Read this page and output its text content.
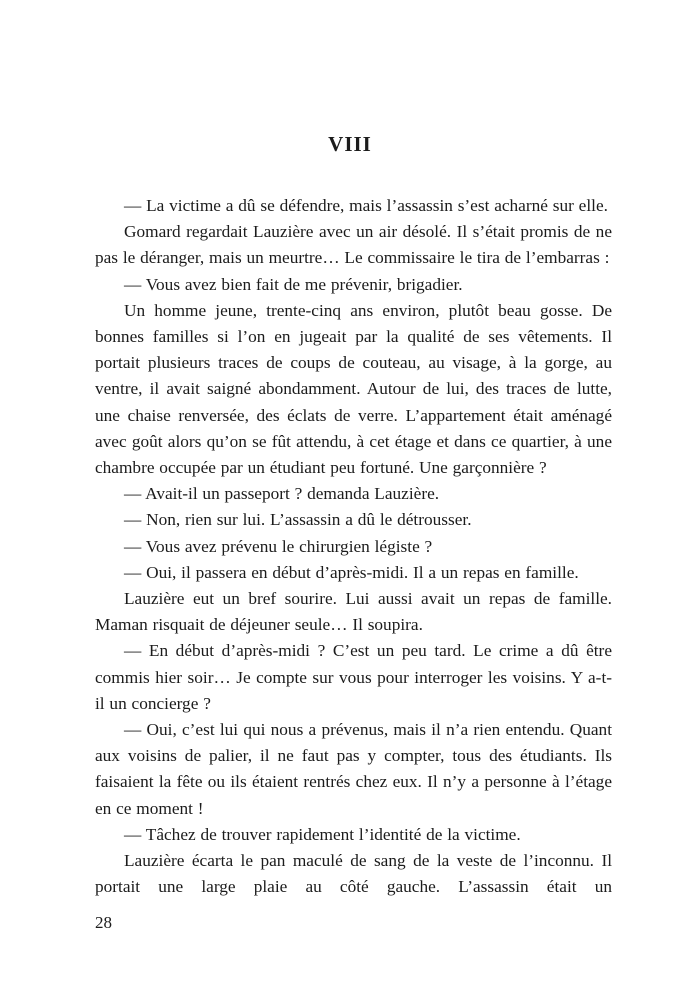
VIII

— La victime a dû se défendre, mais l’assassin s’est acharné sur elle.

Gomard regardait Lauzière avec un air désolé. Il s’était promis de ne pas le déranger, mais un meurtre… Le commissaire le tira de l’embarras :

— Vous avez bien fait de me prévenir, brigadier.

Un homme jeune, trente-cinq ans environ, plutôt beau gosse. De bonnes familles si l’on en jugeait par la qualité de ses vêtements. Il portait plusieurs traces de coups de couteau, au visage, à la gorge, au ventre, il avait saigné abondamment. Autour de lui, des traces de lutte, une chaise renversée, des éclats de verre. L’appartement était aménagé avec goût alors qu’on se fût attendu, à cet étage et dans ce quartier, à une chambre occupée par un étudiant peu fortuné. Une garçonnière ?

— Avait-il un passeport ? demanda Lauzière.

— Non, rien sur lui. L’assassin a dû le détrousser.

— Vous avez prévenu le chirurgien légiste ?

— Oui, il passera en début d’après-midi. Il a un repas en famille.

Lauzière eut un bref sourire. Lui aussi avait un repas de famille. Maman risquait de déjeuner seule… Il soupira.

— En début d’après-midi ? C’est un peu tard. Le crime a dû être commis hier soir… Je compte sur vous pour interroger les voisins. Y a-t-il un concierge ?

— Oui, c’est lui qui nous a prévenus, mais il n’a rien entendu. Quant aux voisins de palier, il ne faut pas y compter, tous des étudiants. Ils faisaient la fête ou ils étaient rentrés chez eux. Il n’y a personne à l’étage en ce moment !

— Tâchez de trouver rapidement l’identité de la victime.

Lauzière écarta le pan maculé de sang de la veste de l’inconnu. Il portait une large plaie au côté gauche. L’assassin était un

28
